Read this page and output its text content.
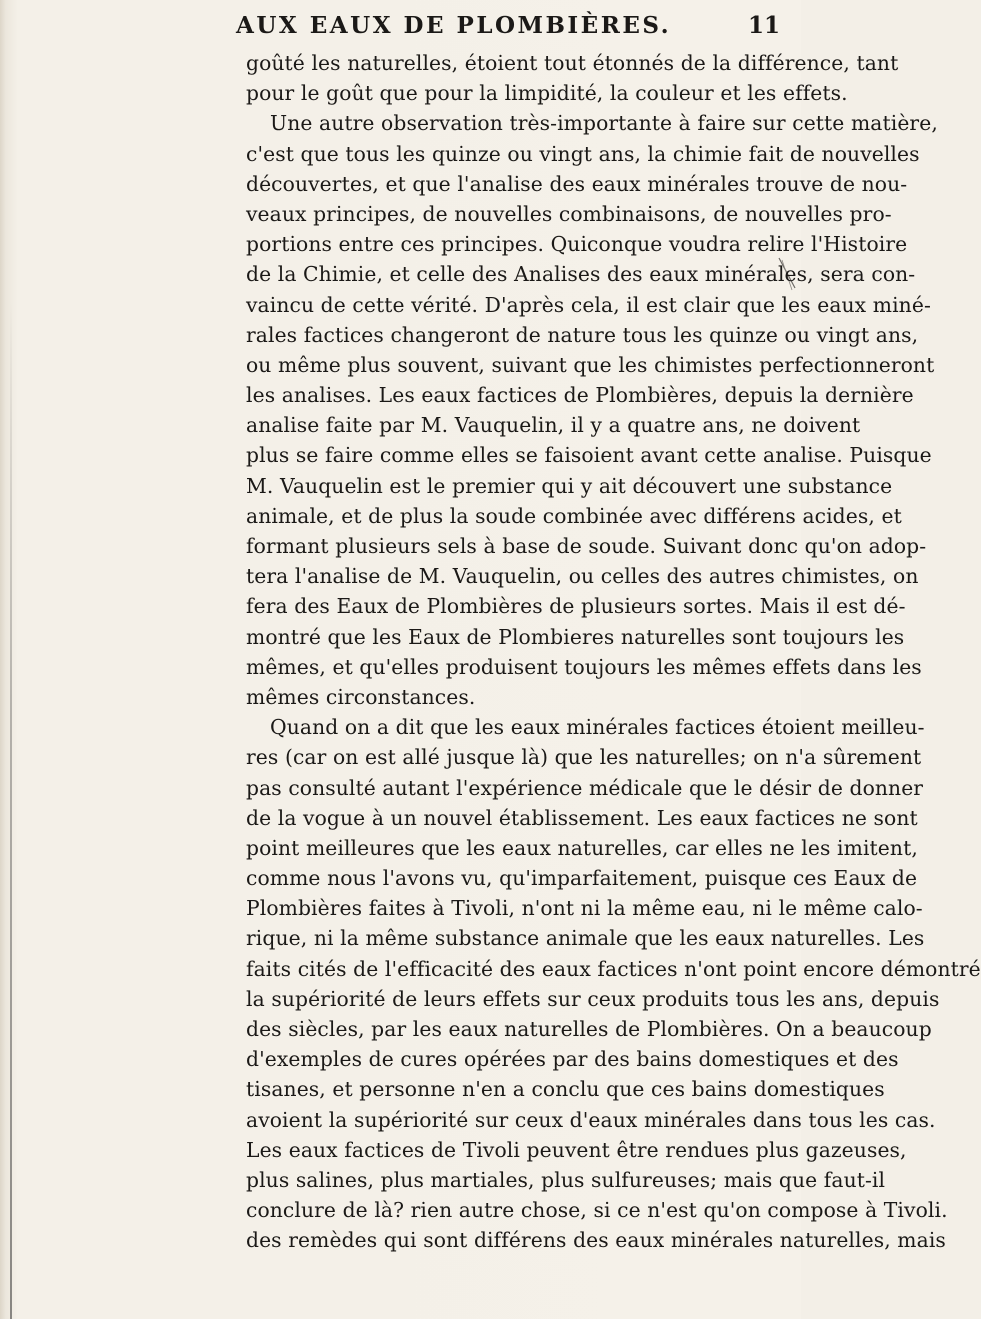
AUX EAUX DE PLOMBIÈRES.	11
goûté les naturelles, étoient tout étonnés de la différence, tant
pour le goût que pour la limpidité, la couleur et les effets.
Une autre observation très-importante à faire sur cette matière,
c'est que tous les quinze ou vingt ans, la chimie fait de nouvelles
découvertes, et que l'analise des eaux minérales trouve de nou-
veaux principes, de nouvelles combinaisons, de nouvelles pro-
portions entre ces principes. Quiconque voudra relire l'Histoire
de la Chimie, et celle des Analises des eaux minérales, sera con-
vaincu de cette vérité. D'après cela, il est clair que les eaux miné-
rales factices changeront de nature tous les quinze ou vingt ans,
ou même plus souvent, suivant que les chimistes perfectionneront
les analises. Les eaux factices de Plombières, depuis la dernière
analise faite par M. Vauquelin, il y a quatre ans, ne doivent
plus se faire comme elles se faisoient avant cette analise. Puisque
M. Vauquelin est le premier qui y ait découvert une substance
animale, et de plus la soude combinée avec différens acides, et
formant plusieurs sels à base de soude. Suivant donc qu'on adop-
tera l'analise de M. Vauquelin, ou celles des autres chimistes, on
fera des Eaux de Plombières de plusieurs sortes. Mais il est dé-
montré que les Eaux de Plombieres naturelles sont toujours les
mêmes, et qu'elles produisent toujours les mêmes effets dans les
mêmes circonstances.
Quand on a dit que les eaux minérales factices étoient meilleu-
res (car on est allé jusque là) que les naturelles; on n'a sûrement
pas consulté autant l'expérience médicale que le désir de donner
de la vogue à un nouvel établissement. Les eaux factices ne sont
point meilleures que les eaux naturelles, car elles ne les imitent,
comme nous l'avons vu, qu'imparfaitement, puisque ces Eaux de
Plombières faites à Tivoli, n'ont ni la même eau, ni le même calo-
rique, ni la même substance animale que les eaux naturelles. Les
faits cités de l'efficacité des eaux factices n'ont point encore démontré
la supériorité de leurs effets sur ceux produits tous les ans, depuis
des siècles, par les eaux naturelles de Plombières. On a beaucoup
d'exemples de cures opérées par des bains domestiques et des
tisanes, et personne n'en a conclu que ces bains domestiques
avoient la supériorité sur ceux d'eaux minérales dans tous les cas.
Les eaux factices de Tivoli peuvent être rendues plus gazeuses,
plus salines, plus martiales, plus sulfureuses; mais que faut-il
conclure de là? rien autre chose, si ce n'est qu'on compose à Tivoli.
des remèdes qui sont différens des eaux minérales naturelles, mais
